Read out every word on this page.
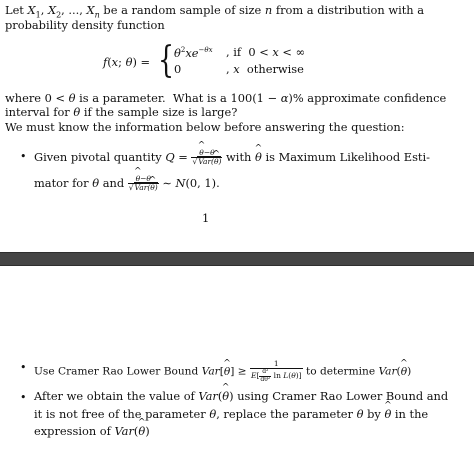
Let $X_1$, $X_2$, ..., $X_n$ be a random sample of size n from a distribution with a
probability density function
f(x; θ) = { $\theta^2xe^{-\theta x}$ , if  0 < x < ∞
0	, x  otherwise
where 0 < θ is a parameter.  What is a 100(1 − α)% approximate confidence
interval for θ if the sample size is large?
We must know the information below before answering the question:
• Given pivotal quantity Q = ^ $\frac{\theta-\theta}{\text{√Var(\textasciicircum{} θ)}}$ with ^ θ is Maximum Likelihood Esti-
mator for θ and ^ $\frac{\theta-\theta}{\text{√Var(\textasciicircum{} θ)}}$ ∼ N(0, 1).
1
• Use Cramer Rao Lower Bound Var[^ $\theta] \ge \frac{1}{E[ \frac{\text{d²}}{\text{dθ²}} \ln L(\theta)]}$ to determine Var(^ θ)
• After we obtain the value of Var(^ θ) using Cramer Rao Lower Bound and
it is not free of the parameter θ, replace the parameter θ by ^ θ in the
expression of Var(^ θ)
